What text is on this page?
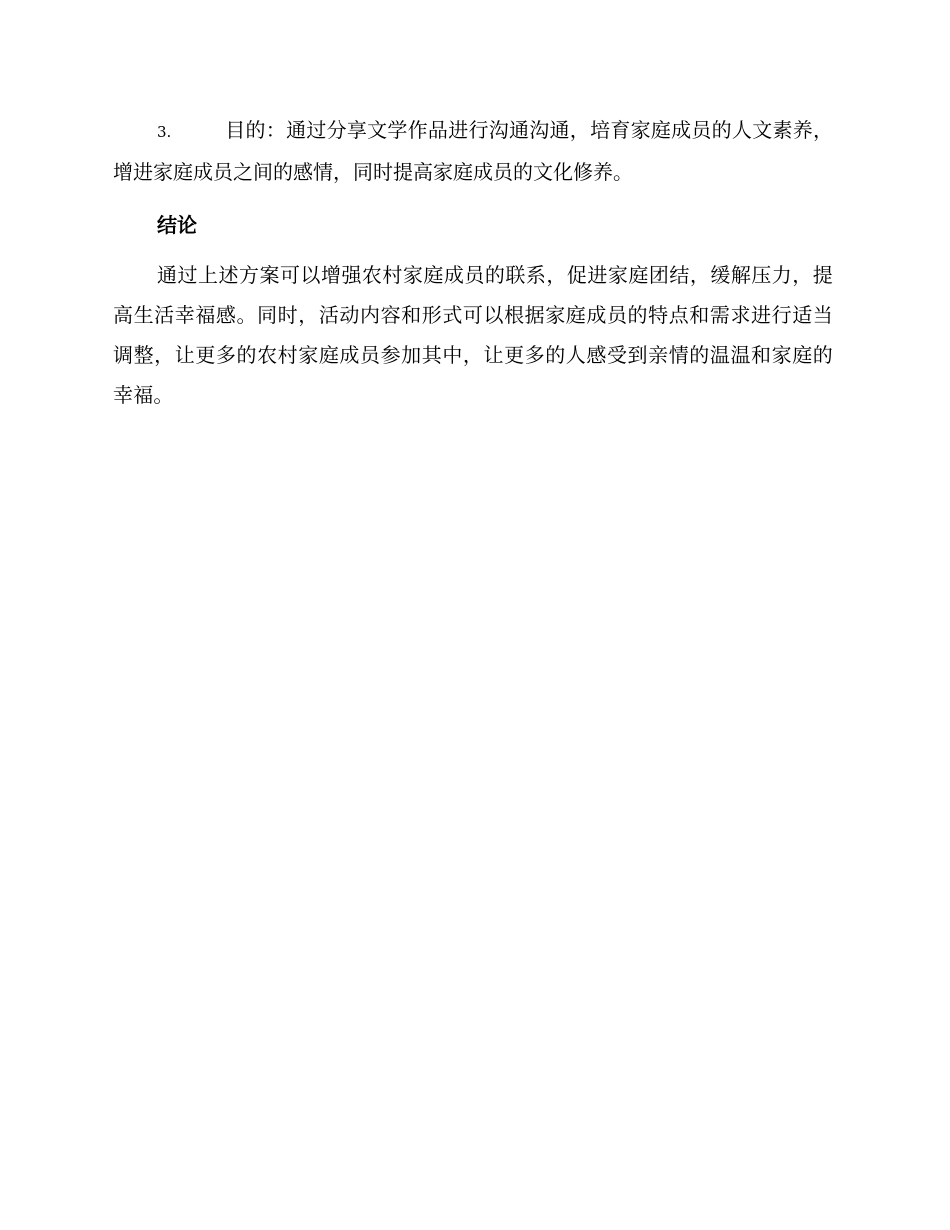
3.	目的：通过分享文学作品进行沟通沟通，培育家庭成员的人文素养，增进家庭成员之间的感情，同时提高家庭成员的文化修养。

结论

通过上述方案可以增强农村家庭成员的联系，促进家庭团结，缓解压力，提高生活幸福感。同时，活动内容和形式可以根据家庭成员的特点和需求进行适当调整，让更多的农村家庭成员参加其中，让更多的人感受到亲情的温温和家庭的幸福。
